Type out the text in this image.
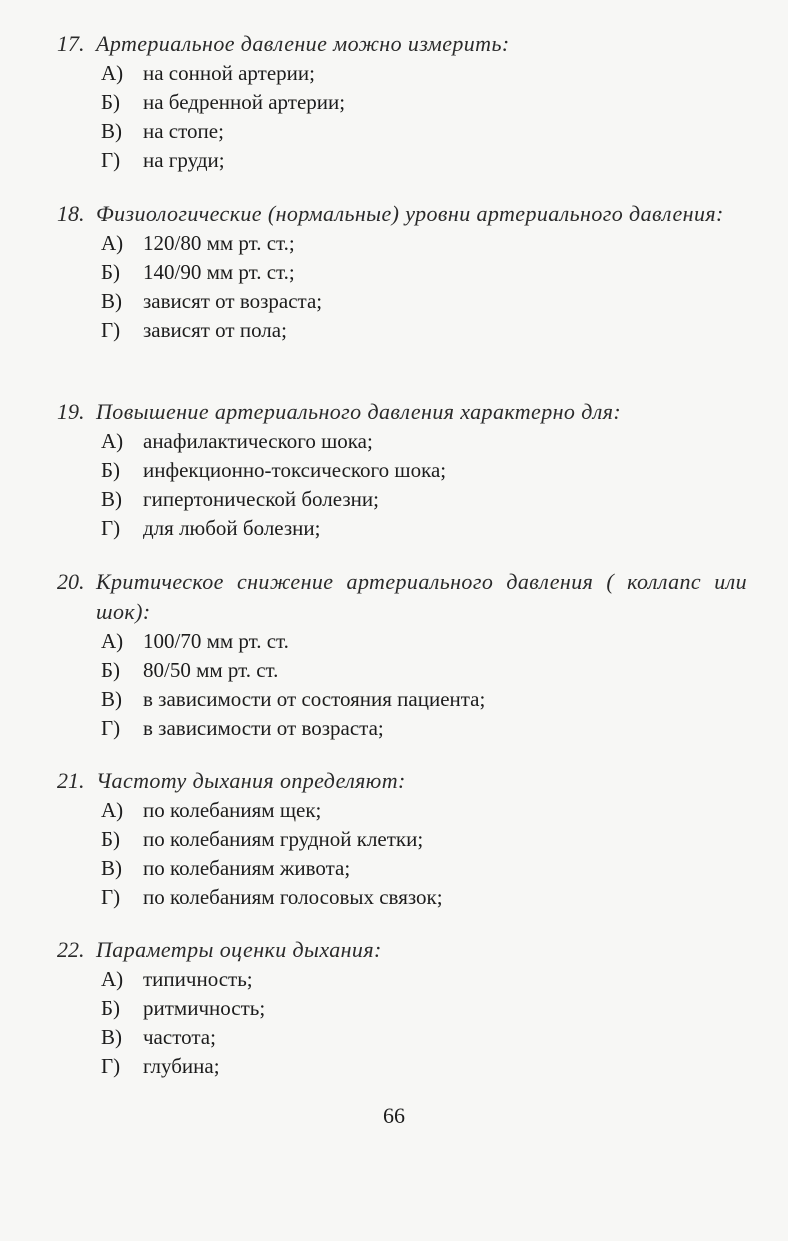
17. Артериальное давление можно измерить:
А) на сонной артерии;
Б) на бедренной артерии;
В) на стопе;
Г) на груди;
18. Физиологические (нормальные) уровни артериального давления:
А) 120/80 мм рт. ст.;
Б) 140/90 мм рт. ст.;
В) зависят от возраста;
Г) зависят от пола;
19. Повышение артериального давления характерно для:
А) анафилактического шока;
Б) инфекционно-токсического шока;
В) гипертонической болезни;
Г) для любой болезни;
20. Критическое снижение артериального давления ( коллапс или шок):
А) 100/70 мм рт. ст.
Б) 80/50 мм рт. ст.
В) в зависимости от состояния пациента;
Г) в зависимости от возраста;
21. Частоту дыхания определяют:
А) по колебаниям щек;
Б) по колебаниям грудной клетки;
В) по колебаниям живота;
Г) по колебаниям голосовых связок;
22. Параметры оценки дыхания:
А) типичность;
Б) ритмичность;
В) частота;
Г) глубина;
66
